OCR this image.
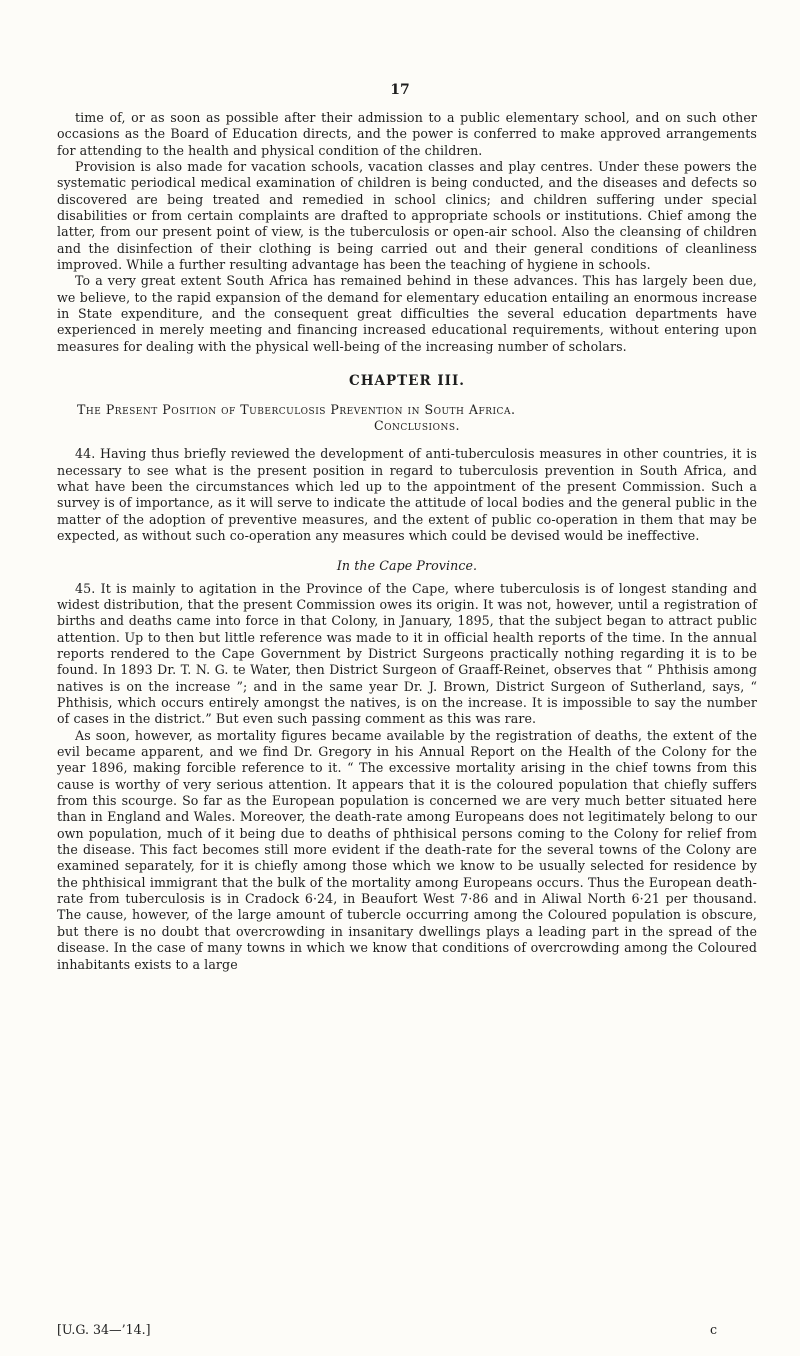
17

time of, or as soon as possible after their admission to a public elementary school, and on such other occasions as the Board of Education directs, and the power is conferred to make approved arrangements for attending to the health and physical condition of the children.

Provision is also made for vacation schools, vacation classes and play centres. Under these powers the systematic periodical medical examination of children is being conducted, and the diseases and defects so discovered are being treated and remedied in school clinics; and children suffering under special disabilities or from certain complaints are drafted to appropriate schools or institutions. Chief among the latter, from our present point of view, is the tuberculosis or open-air school. Also the cleansing of children and the disinfection of their clothing is being carried out and their general conditions of cleanliness improved. While a further resulting advantage has been the teaching of hygiene in schools.

To a very great extent South Africa has remained behind in these advances. This has largely been due, we believe, to the rapid expansion of the demand for elementary education entailing an enormous increase in State expenditure, and the consequent great difficulties the several education departments have experienced in merely meeting and financing increased educational requirements, without entering upon measures for dealing with the physical well-being of the increasing number of scholars.

CHAPTER III.

The Present Position of Tuberculosis Prevention in South Africa.
Conclusions.

44. Having thus briefly reviewed the development of anti-tuberculosis measures in other countries, it is necessary to see what is the present position in regard to tuberculosis prevention in South Africa, and what have been the circumstances which led up to the appointment of the present Commission. Such a survey is of importance, as it will serve to indicate the attitude of local bodies and the general public in the matter of the adoption of preventive measures, and the extent of public co-operation in them that may be expected, as without such co-operation any measures which could be devised would be ineffective.

In the Cape Province.

45. It is mainly to agitation in the Province of the Cape, where tuberculosis is of longest standing and widest distribution, that the present Commission owes its origin. It was not, however, until a registration of births and deaths came into force in that Colony, in January, 1895, that the subject began to attract public attention. Up to then but little reference was made to it in official health reports of the time. In the annual reports rendered to the Cape Government by District Surgeons practically nothing regarding it is to be found. In 1893 Dr. T. N. G. te Water, then District Surgeon of Graaff-Reinet, observes that “ Phthisis among natives is on the increase ”; and in the same year Dr. J. Brown, District Surgeon of Sutherland, says, “ Phthisis, which occurs entirely amongst the natives, is on the increase. It is impossible to say the number of cases in the district.” But even such passing comment as this was rare.

As soon, however, as mortality figures became available by the registration of deaths, the extent of the evil became apparent, and we find Dr. Gregory in his Annual Report on the Health of the Colony for the year 1896, making forcible reference to it. “ The excessive mortality arising in the chief towns from this cause is worthy of very serious attention. It appears that it is the coloured population that chiefly suffers from this scourge. So far as the European population is concerned we are very much better situated here than in England and Wales. Moreover, the death-rate among Europeans does not legitimately belong to our own population, much of it being due to deaths of phthisical persons coming to the Colony for relief from the disease. This fact becomes still more evident if the death-rate for the several towns of the Colony are examined separately, for it is chiefly among those which we know to be usually selected for residence by the phthisical immigrant that the bulk of the mortality among Europeans occurs. Thus the European death-rate from tuberculosis is in Cradock 6·24, in Beaufort West 7·86 and in Aliwal North 6·21 per thousand. The cause, however, of the large amount of tubercle occurring among the Coloured population is obscure, but there is no doubt that overcrowding in insanitary dwellings plays a leading part in the spread of the disease. In the case of many towns in which we know that conditions of overcrowding among the Coloured inhabitants exists to a large

[U.G. 34—’14.]	c
